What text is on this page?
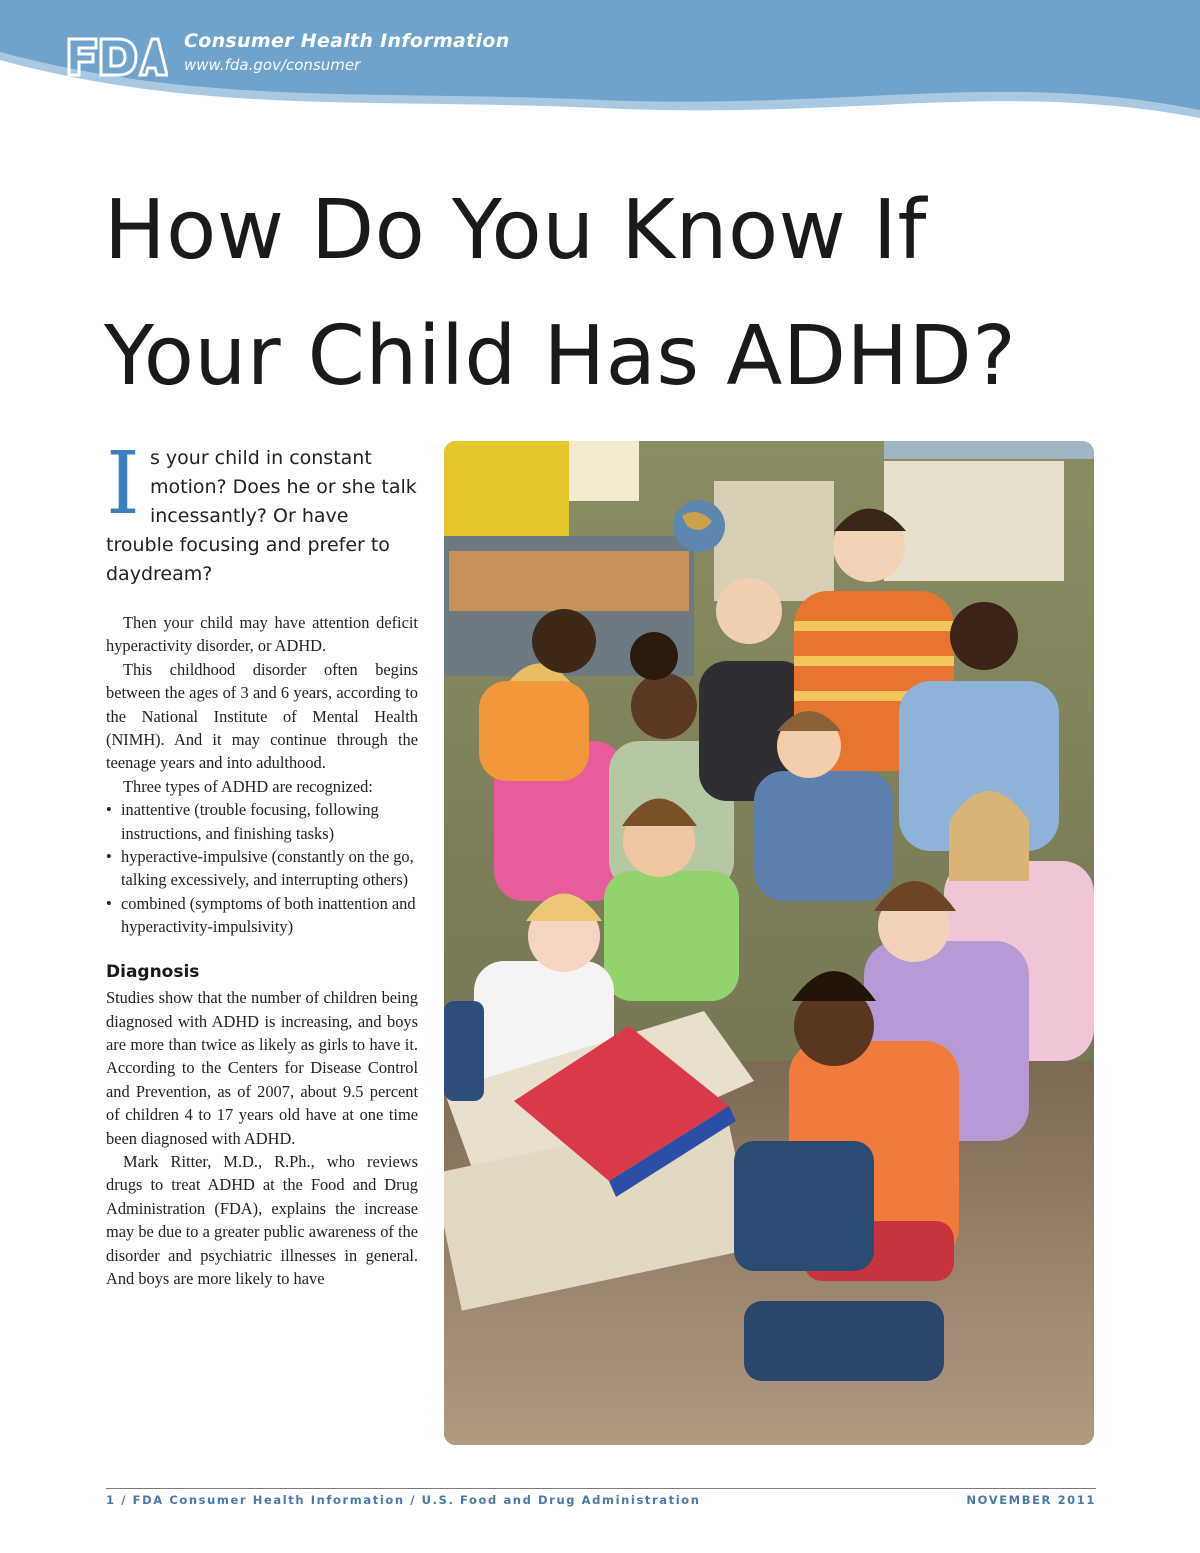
Consumer Health Information
www.fda.gov/consumer
How Do You Know If
Your Child Has ADHD?

Is your child in constant motion? Does he or she talk incessantly? Or have trouble focusing and prefer to daydream?

Then your child may have attention deficit hyperactivity disorder, or ADHD.

This childhood disorder often begins between the ages of 3 and 6 years, according to the National Institute of Mental Health (NIMH). And it may continue through the teenage years and into adulthood.

Three types of ADHD are recognized:

• inattentive (trouble focusing, following instructions, and finishing tasks)
• hyperactive-impulsive (constantly on the go, talking excessively, and interrupting others)
• combined (symptoms of both inattention and hyperactivity-impulsivity)
Diagnosis

Studies show that the number of children being diagnosed with ADHD is increasing, and boys are more than twice as likely as girls to have it. According to the Centers for Disease Control and Prevention, as of 2007, about 9.5 percent of children 4 to 17 years old have at one time been diagnosed with ADHD.

Mark Ritter, M.D., R.Ph., who reviews drugs to treat ADHD at the Food and Drug Administration (FDA), explains the increase may be due to a greater public awareness of the disorder and psychiatric illnesses in general. And boys are more likely to have

1 / FDA Consumer Health Information / U.S. Food and Drug Administration	NOVEMBER 2011
